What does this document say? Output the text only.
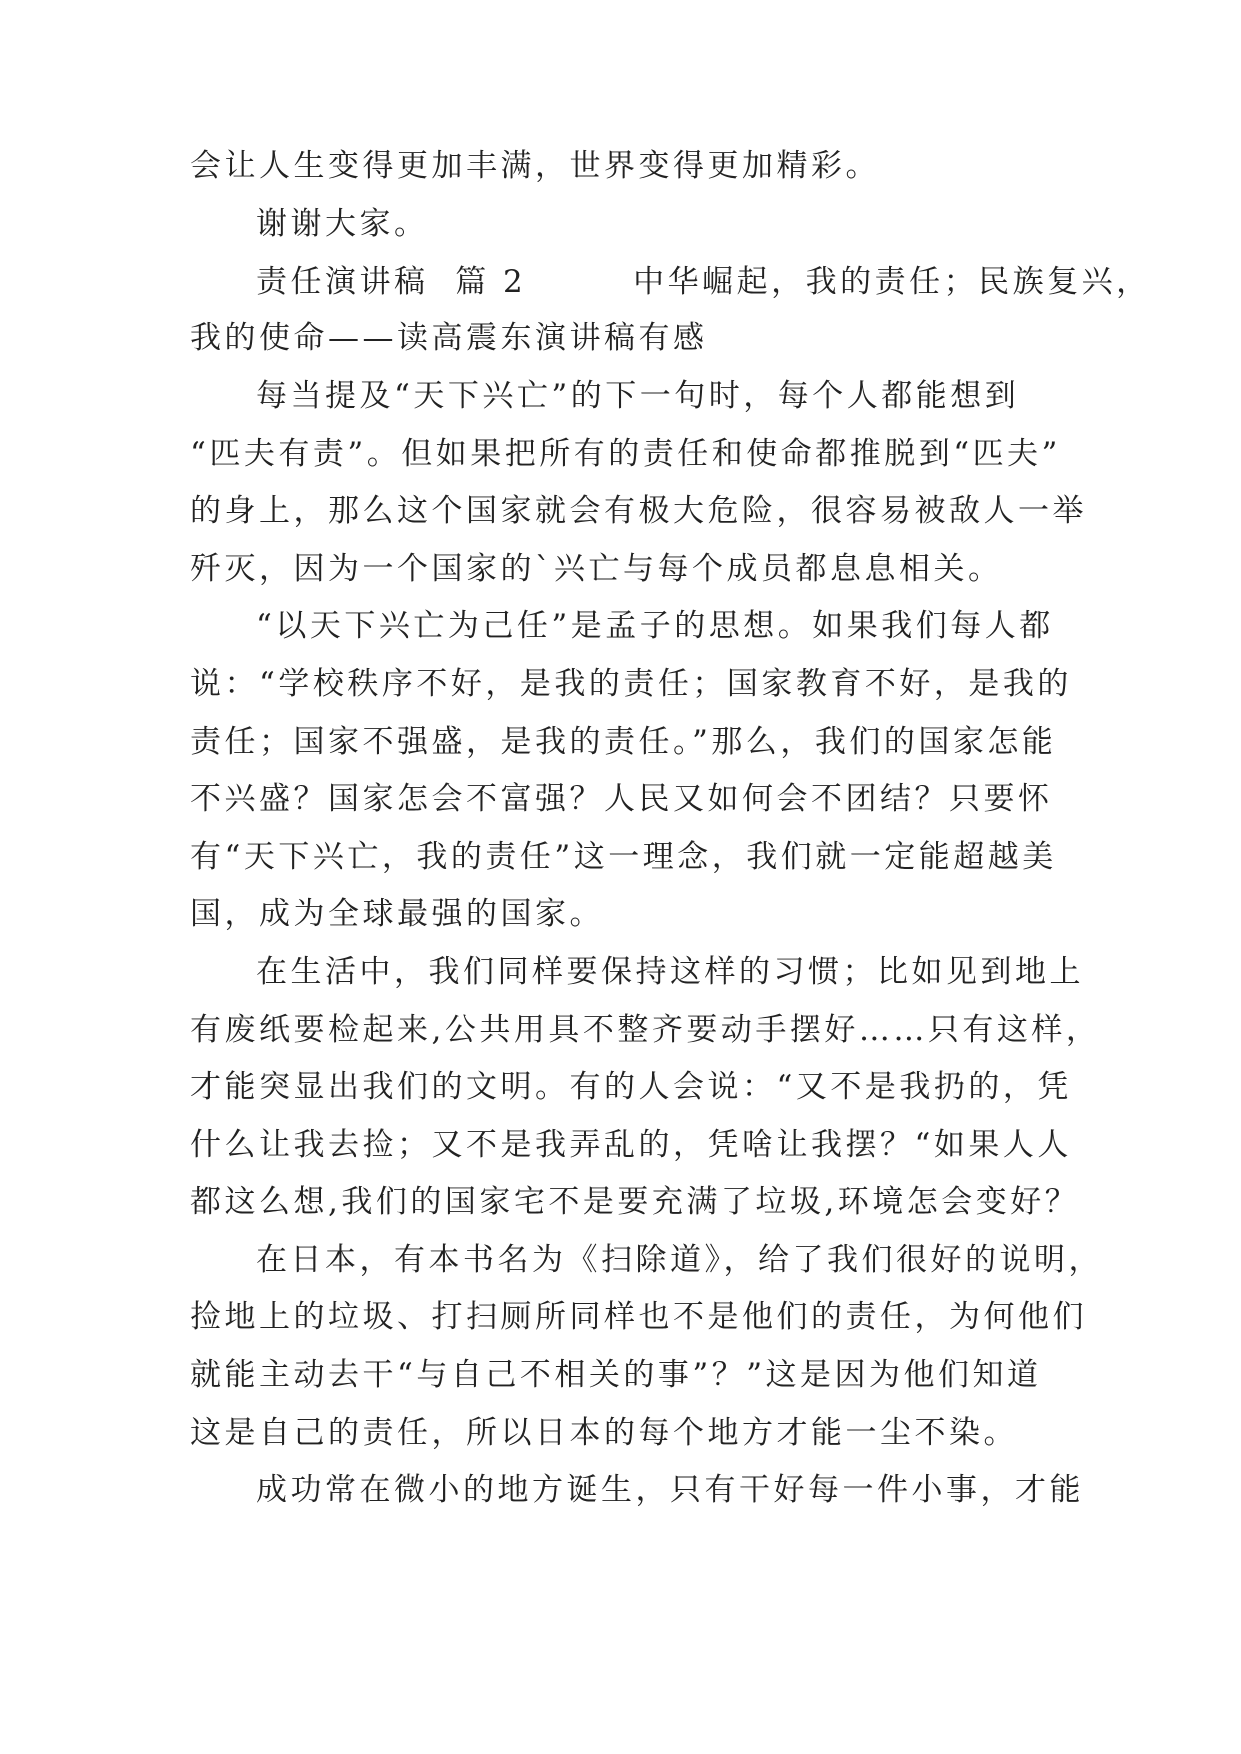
会让人生变得更加丰满，世界变得更加精彩。
谢谢大家。
责任演讲稿  篇 2        中华崛起，我的责任；民族复兴，
我的使命——读高震东演讲稿有感
每当提及“天下兴亡”的下一句时，每个人都能想到
“匹夫有责”。但如果把所有的责任和使命都推脱到“匹夫”
的身上，那么这个国家就会有极大危险，很容易被敌人一举
歼灭，因为一个国家的`兴亡与每个成员都息息相关。
“以天下兴亡为己任”是孟子的思想。如果我们每人都
说：“学校秩序不好，是我的责任；国家教育不好，是我的
责任；国家不强盛，是我的责任。”那么，我们的国家怎能
不兴盛？国家怎会不富强？人民又如何会不团结？只要怀
有“天下兴亡，我的责任”这一理念，我们就一定能超越美
国，成为全球最强的国家。
在生活中，我们同样要保持这样的习惯；比如见到地上
有废纸要检起来,公共用具不整齐要动手摆好……只有这样，
才能突显出我们的文明。有的人会说：“又不是我扔的，凭
什么让我去捡；又不是我弄乱的，凭啥让我摆？“如果人人
都这么想,我们的国家宅不是要充满了垃圾,环境怎会变好？
在日本，有本书名为《扫除道》，给了我们很好的说明，
捡地上的垃圾、打扫厕所同样也不是他们的责任，为何他们
就能主动去干“与自己不相关的事”？”这是因为他们知道
这是自己的责任，所以日本的每个地方才能一尘不染。
成功常在微小的地方诞生，只有干好每一件小事，才能
